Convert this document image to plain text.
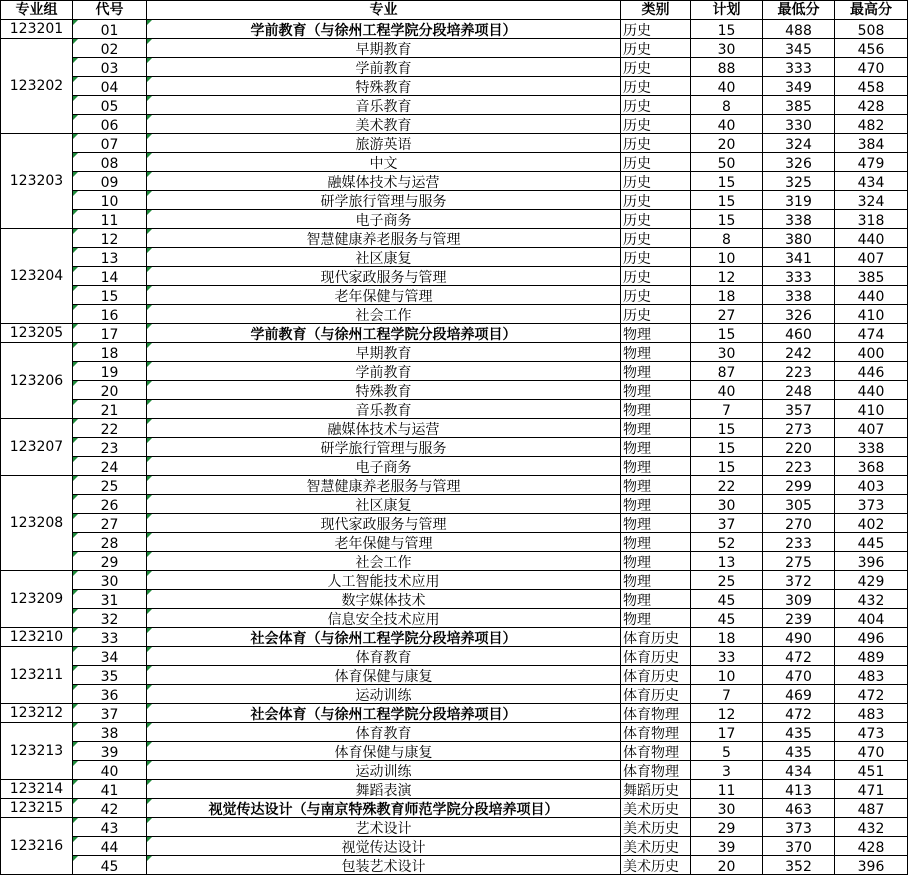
专业组	代号	专业	类别	计划	最低分	最高分
123201	01	学前教育（与徐州工程学院分段培养项目）	历史	15	488	508
123202	02	早期教育	历史	30	345	456
	03	学前教育	历史	88	333	470
	04	特殊教育	历史	40	349	458
	05	音乐教育	历史	8	385	428
	06	美术教育	历史	40	330	482
123203	07	旅游英语	历史	20	324	384
	08	中文	历史	50	326	479
	09	融媒体技术与运营	历史	15	325	434
	10	研学旅行管理与服务	历史	15	319	324
	11	电子商务	历史	15	338	318
123204	12	智慧健康养老服务与管理	历史	8	380	440
	13	社区康复	历史	10	341	407
	14	现代家政服务与管理	历史	12	333	385
	15	老年保健与管理	历史	18	338	440
	16	社会工作	历史	27	326	410
123205	17	学前教育（与徐州工程学院分段培养项目）	物理	15	460	474
123206	18	早期教育	物理	30	242	400
	19	学前教育	物理	87	223	446
	20	特殊教育	物理	40	248	440
	21	音乐教育	物理	7	357	410
123207	22	融媒体技术与运营	物理	15	273	407
	23	研学旅行管理与服务	物理	15	220	338
	24	电子商务	物理	15	223	368
123208	25	智慧健康养老服务与管理	物理	22	299	403
	26	社区康复	物理	30	305	373
	27	现代家政服务与管理	物理	37	270	402
	28	老年保健与管理	物理	52	233	445
	29	社会工作	物理	13	275	396
123209	30	人工智能技术应用	物理	25	372	429
	31	数字媒体技术	物理	45	309	432
	32	信息安全技术应用	物理	45	239	404
123210	33	社会体育（与徐州工程学院分段培养项目）	体育历史	18	490	496
123211	34	体育教育	体育历史	33	472	489
	35	体育保健与康复	体育历史	10	470	483
	36	运动训练	体育历史	7	469	472
123212	37	社会体育（与徐州工程学院分段培养项目）	体育物理	12	472	483
123213	38	体育教育	体育物理	17	435	473
	39	体育保健与康复	体育物理	5	435	470
	40	运动训练	体育物理	3	434	451
123214	41	舞蹈表演	舞蹈历史	11	413	471
123215	42	视觉传达设计（与南京特殊教育师范学院分段培养项目）	美术历史	30	463	487
123216	43	艺术设计	美术历史	29	373	432
	44	视觉传达设计	美术历史	39	370	428
	45	包装艺术设计	美术历史	20	352	396
